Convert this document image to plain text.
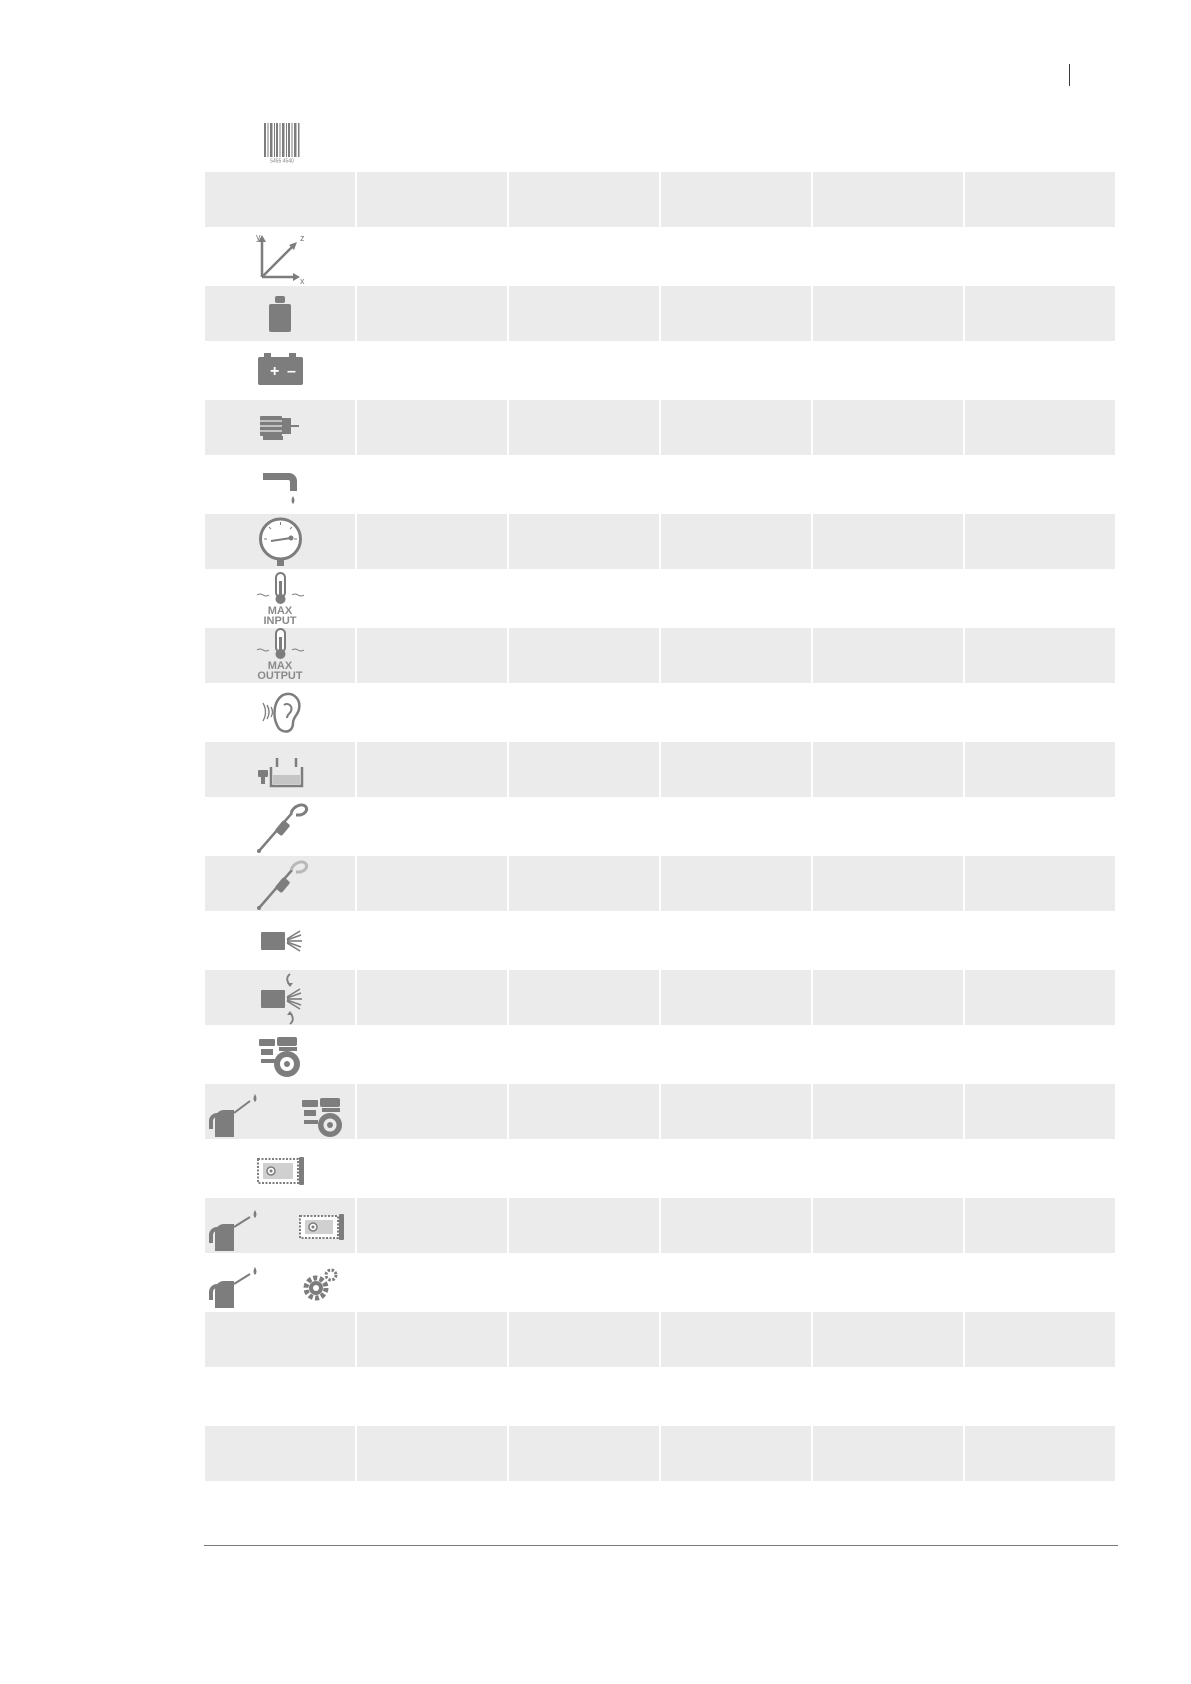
5455 4540
y	z
x
+ –
MAX
INPUT
MAX
OUTPUT
